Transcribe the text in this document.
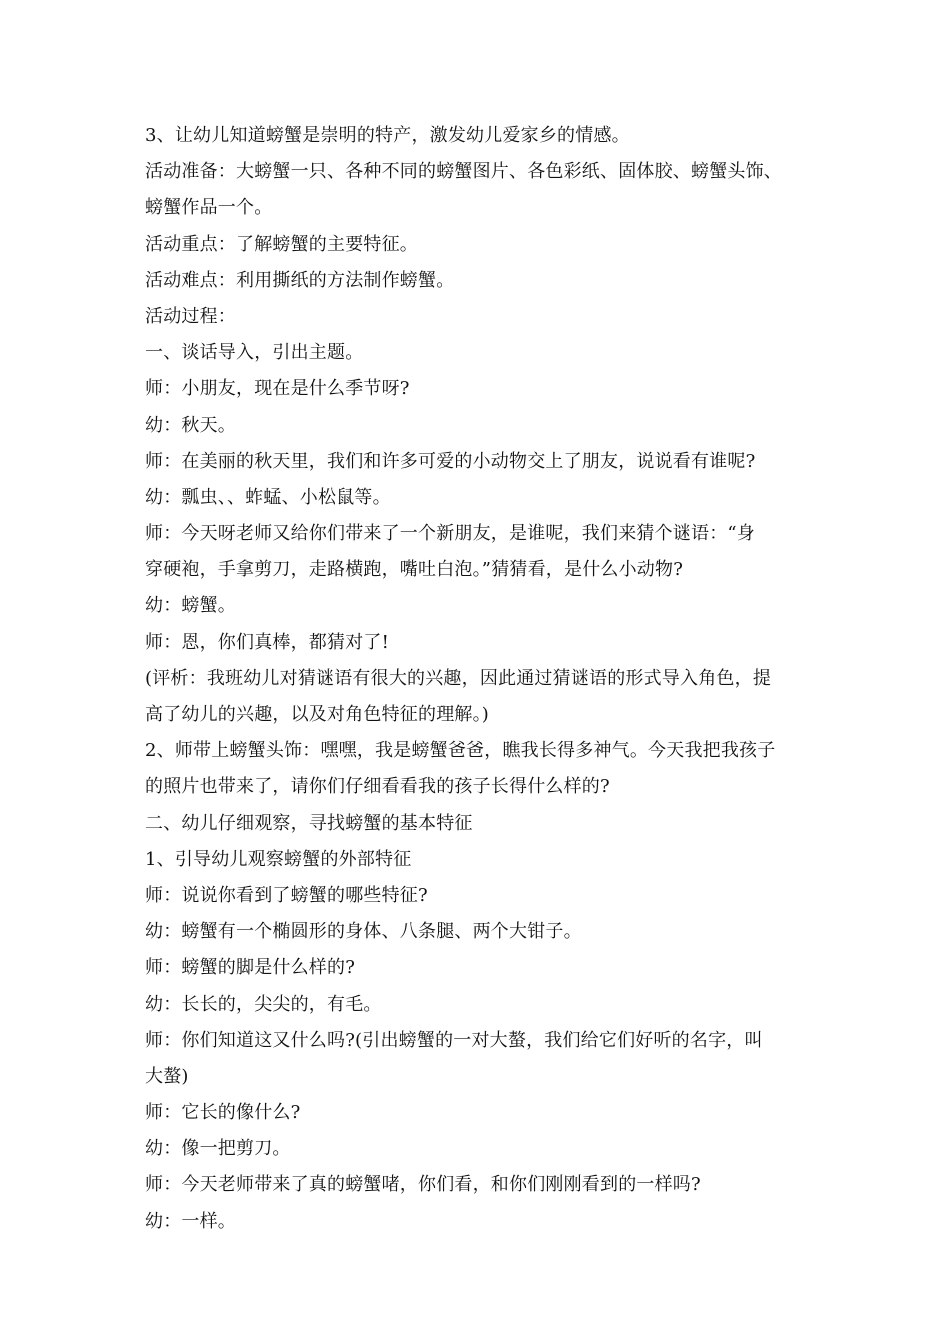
3、让幼儿知道螃蟹是崇明的特产，激发幼儿爱家乡的情感。
活动准备：大螃蟹一只、各种不同的螃蟹图片、各色彩纸、固体胶、螃蟹头饰、
螃蟹作品一个。
活动重点：了解螃蟹的主要特征。
活动难点：利用撕纸的方法制作螃蟹。
活动过程：
一、谈话导入，引出主题。
师：小朋友，现在是什么季节呀?
幼：秋天。
师：在美丽的秋天里，我们和许多可爱的小动物交上了朋友，说说看有谁呢?
幼：瓢虫、、蚱蜢、小松鼠等。
师：今天呀老师又给你们带来了一个新朋友，是谁呢，我们来猜个谜语：“身
穿硬袍，手拿剪刀，走路横跑，嘴吐白泡。”猜猜看，是什么小动物?
幼：螃蟹。
师：恩，你们真棒，都猜对了!
(评析：我班幼儿对猜谜语有很大的兴趣，因此通过猜谜语的形式导入角色，提
高了幼儿的兴趣，以及对角色特征的理解。)
2、师带上螃蟹头饰：嘿嘿，我是螃蟹爸爸，瞧我长得多神气。今天我把我孩子
的照片也带来了，请你们仔细看看我的孩子长得什么样的?
二、幼儿仔细观察，寻找螃蟹的基本特征
1、引导幼儿观察螃蟹的外部特征
师：说说你看到了螃蟹的哪些特征?
幼：螃蟹有一个椭圆形的身体、八条腿、两个大钳子。
师：螃蟹的脚是什么样的?
幼：长长的，尖尖的，有毛。
师：你们知道这又什么吗?(引出螃蟹的一对大螯，我们给它们好听的名字，叫
大螯)
师：它长的像什么?
幼：像一把剪刀。
师：今天老师带来了真的螃蟹啫，你们看，和你们刚刚看到的一样吗?
幼：一样。
